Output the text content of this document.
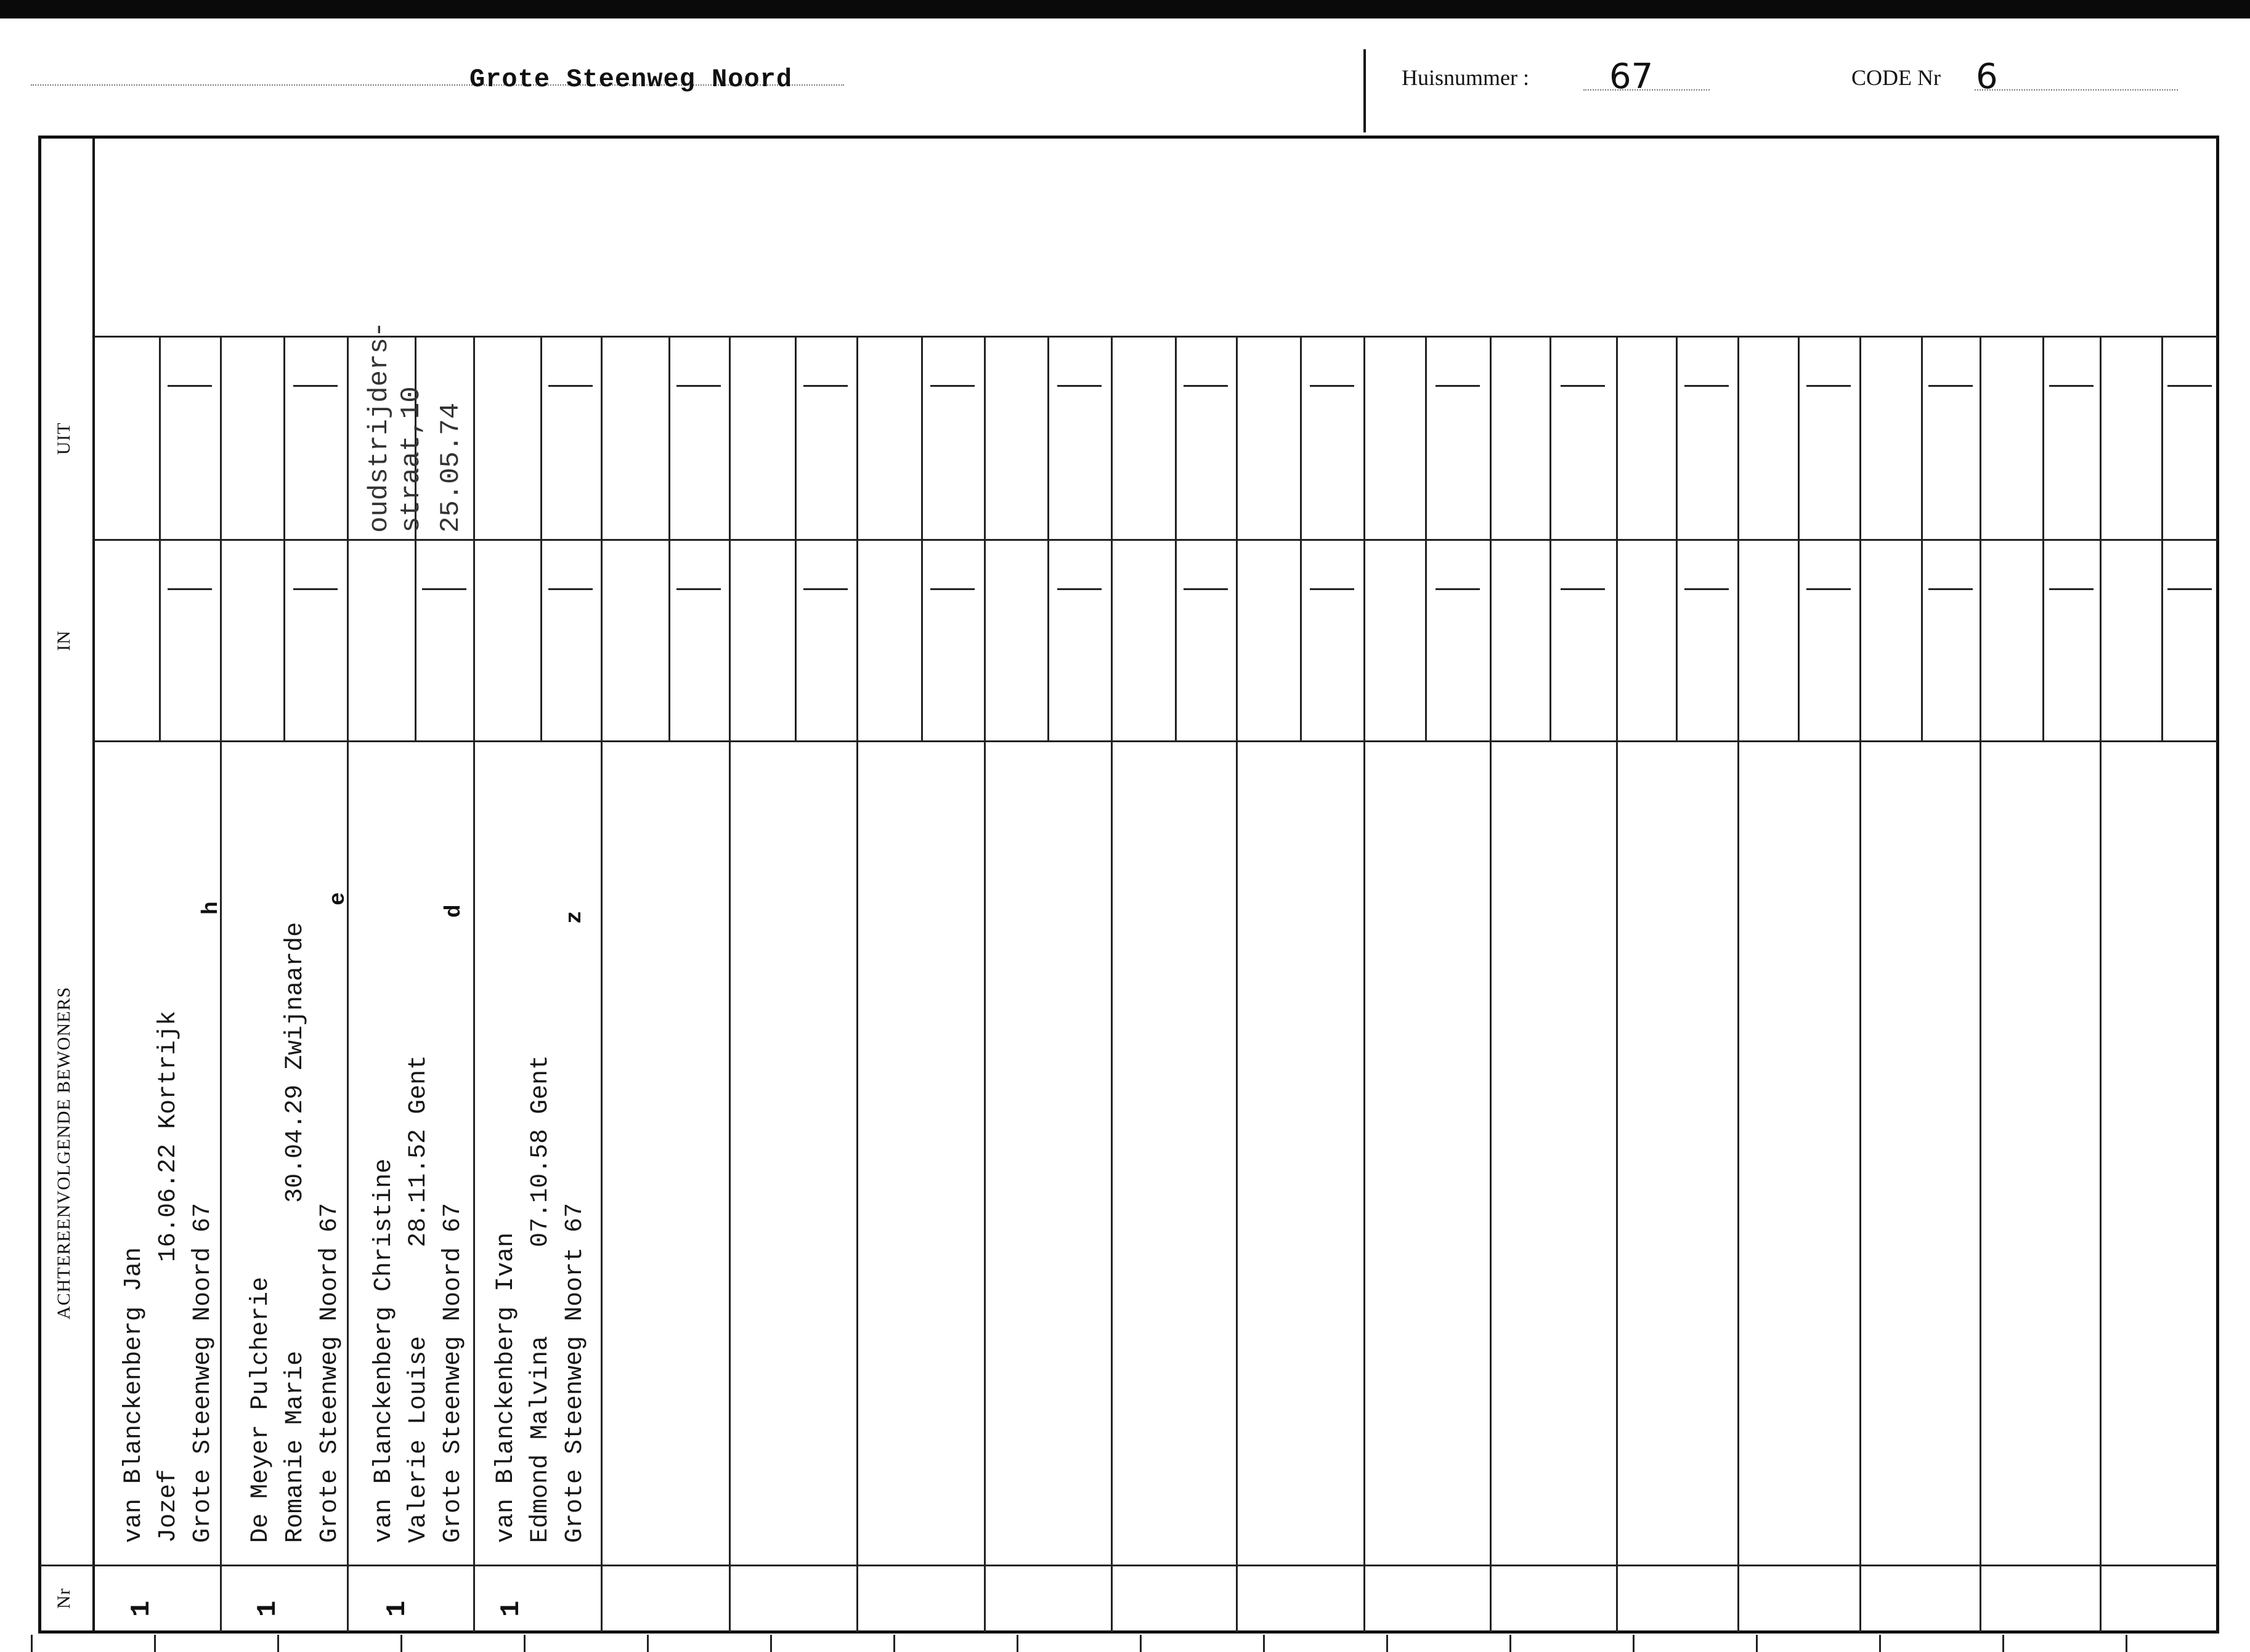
Grote Steenweg Noord	Huisnummer : 67	CODE Nr 6
UIT
IN
ACHTEREENVOLGENDE BEWONERS
Nr
oudstrijders-
straat,10 25.05.74
van Blanckenberg Jan
Jozef              16.06.22 Kortrijk
Grote Steenweg Noord 67
h
1
De Meyer Pulcherie
Romanie Marie          30.04.29 Zwijnaarde
Grote Steenweg Noord 67
e
1
van Blanckenberg Christine
Valerie Louise      28.11.52 Gent
Grote Steenweg Noord 67
d
1
van Blanckenberg Ivan
Edmond Malvina      07.10.58 Gent
Grote Steenweg Noort 67
z
1
